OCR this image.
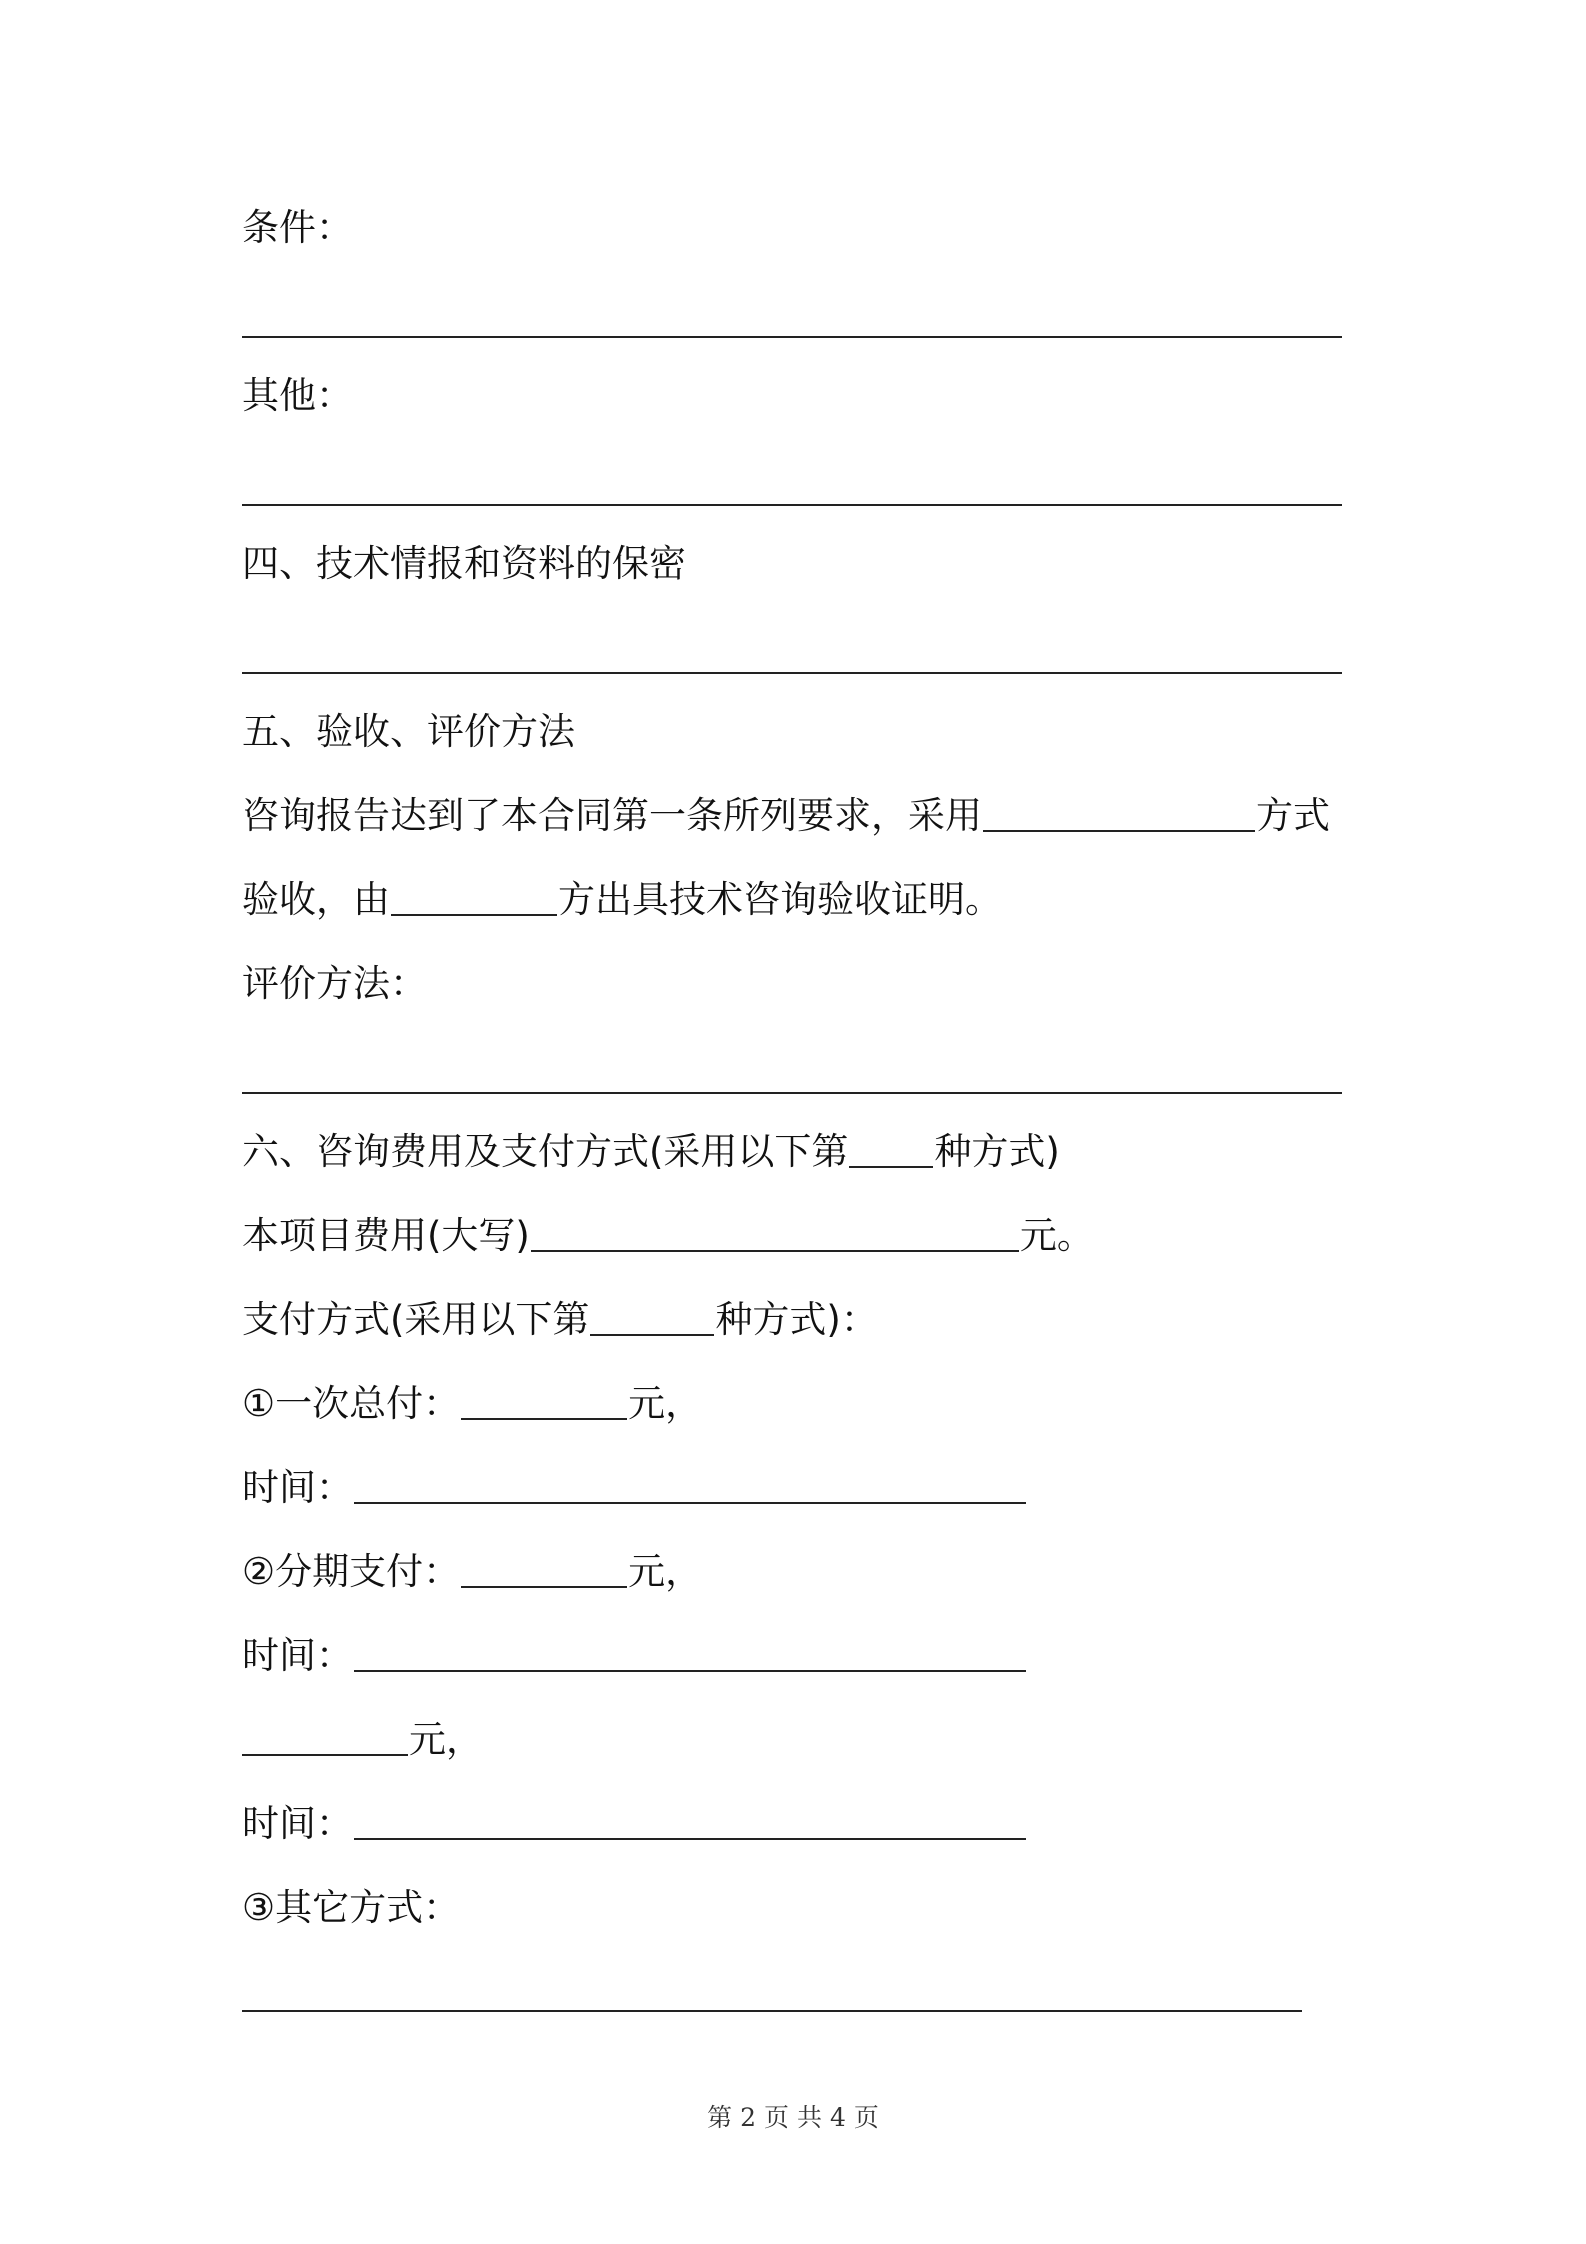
条件：
其他：
四、技术情报和资料的保密
五、验收、评价方法
咨询报告达到了本合同第一条所列要求，采用	方式
验收，由	方出具技术咨询验收证明。
评价方法：
六、咨询费用及支付方式(采用以下第 种方式)
本项目费用(大写)	元。
支付方式(采用以下第	种方式)：
①一次总付：	元，
时间：
②分期支付：	元，
时间：
元，
时间：
③其它方式：
第 2 页 共 4 页
